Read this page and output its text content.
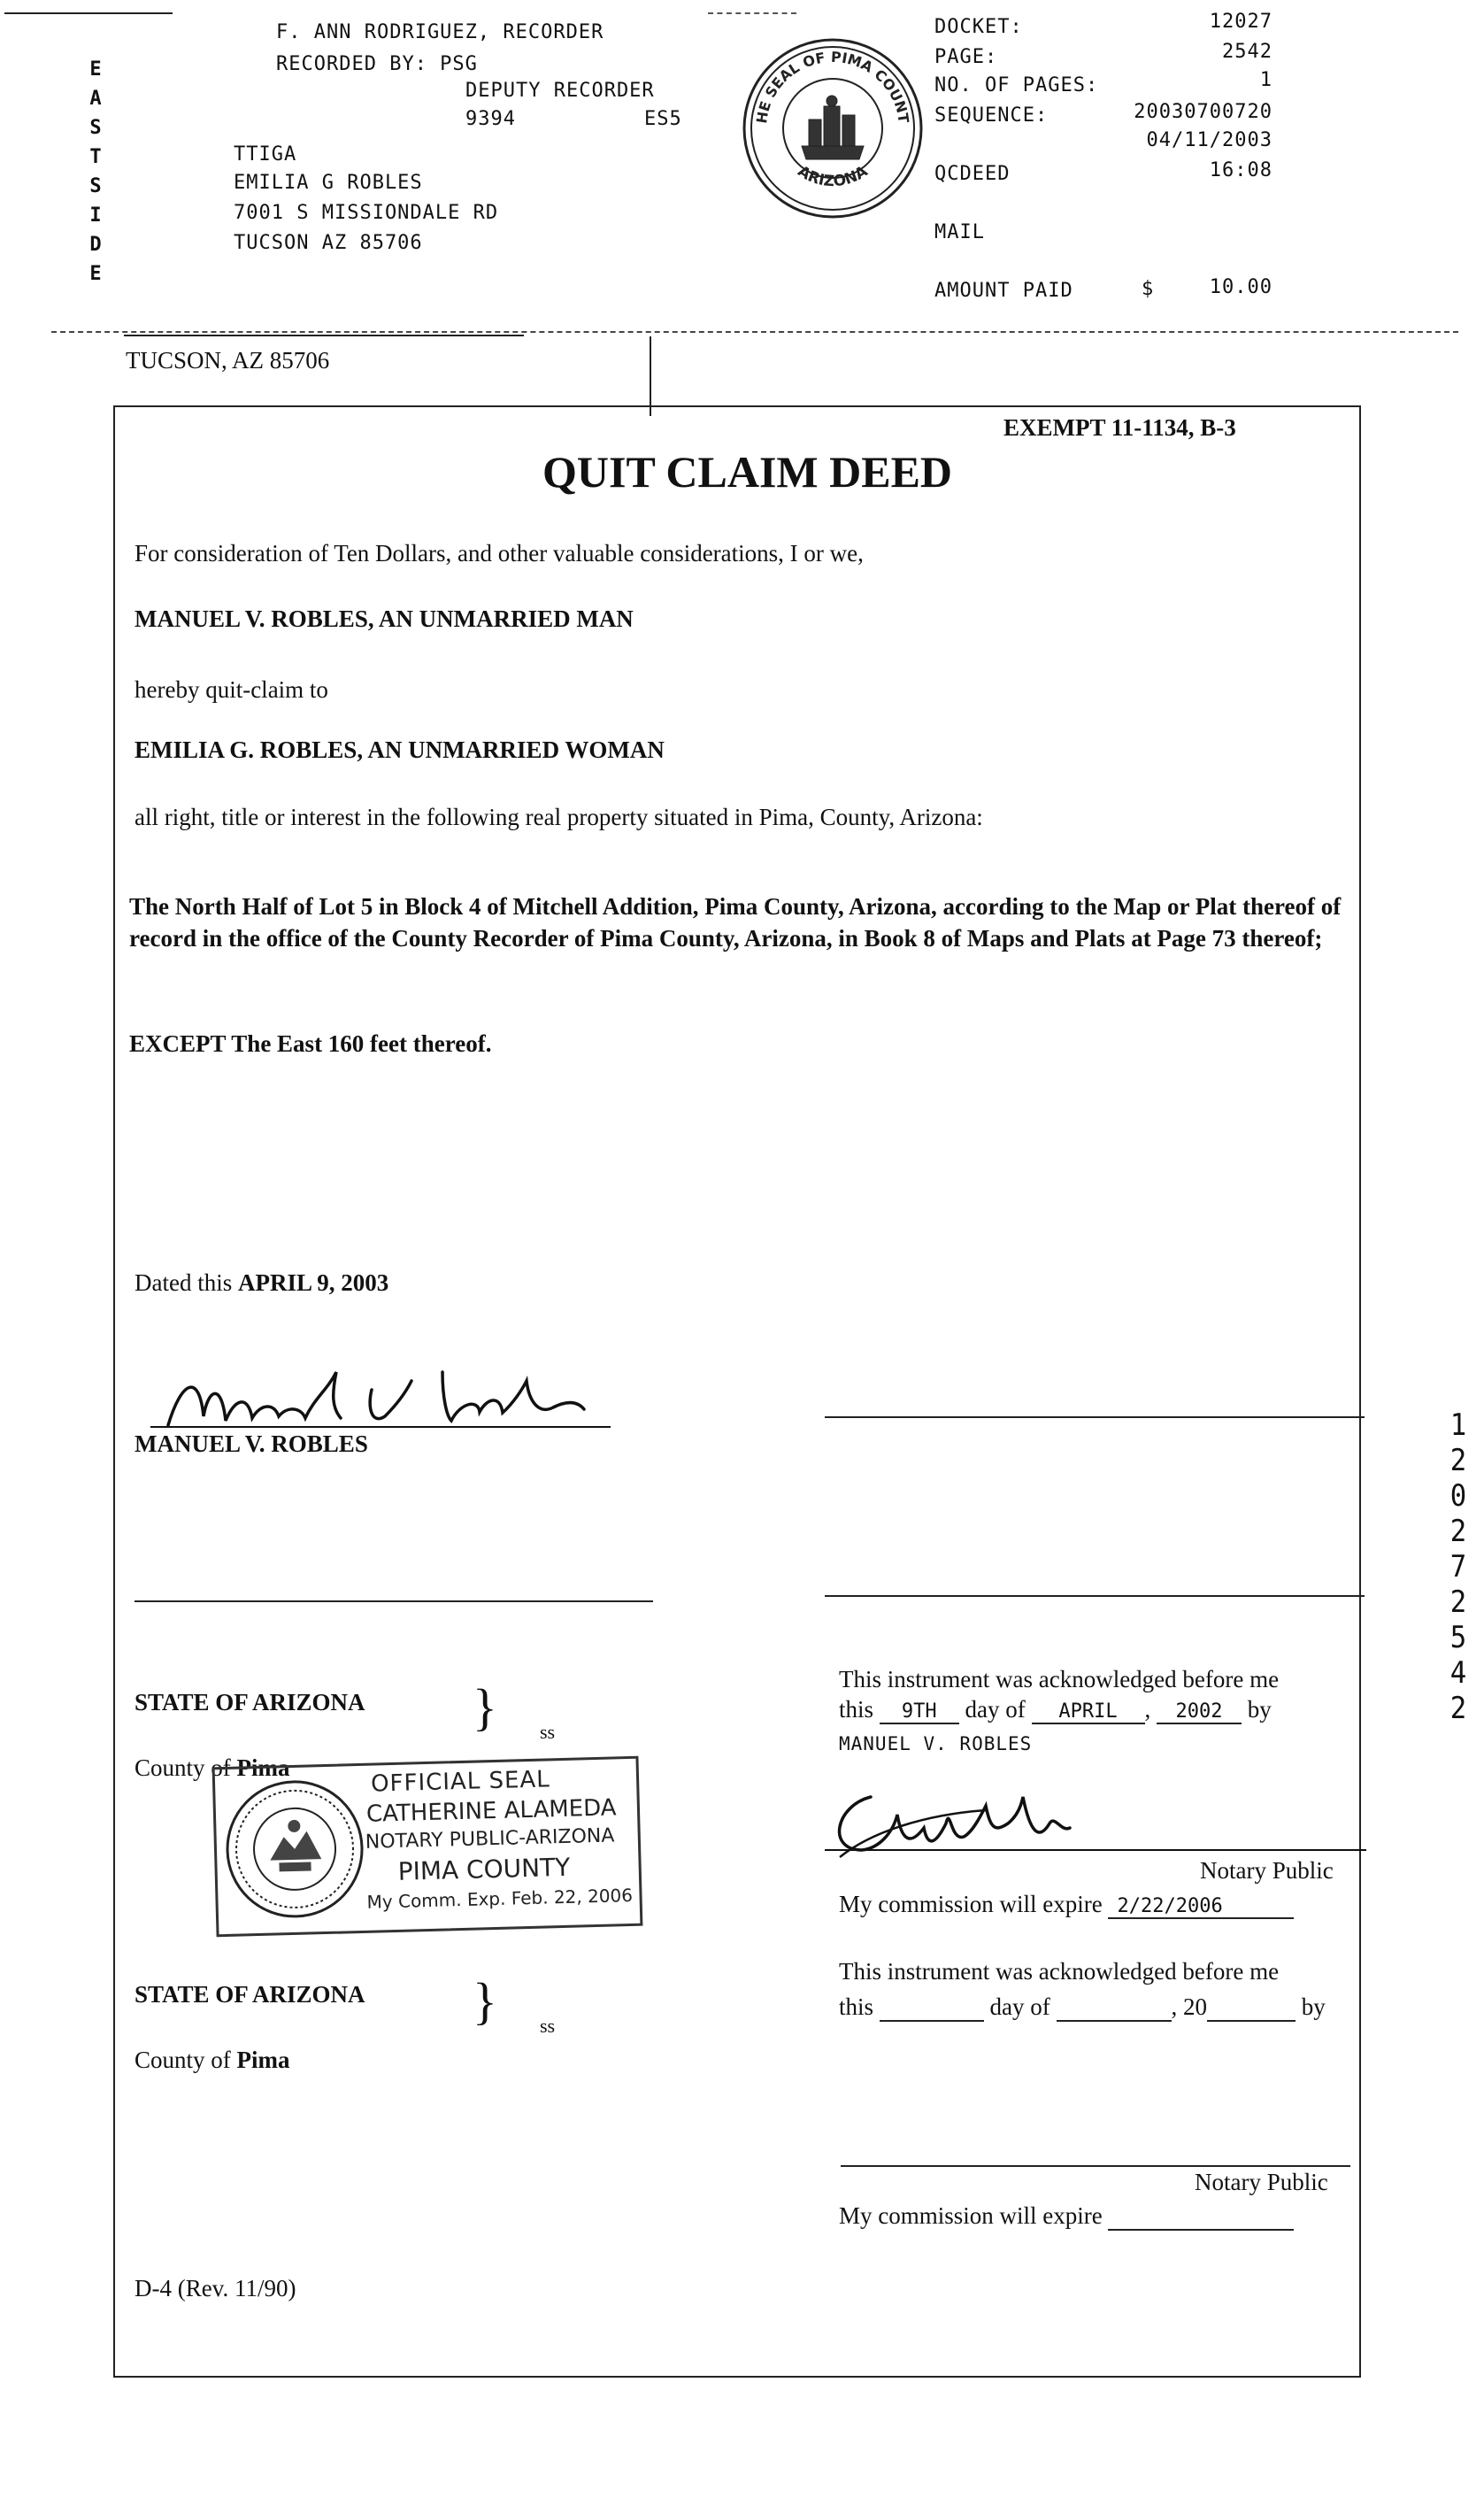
E
A
S
T
S
I
D
E
F. ANN RODRIGUEZ, RECORDER
RECORDED BY: PSG
DEPUTY RECORDER
9394	ES5
TTIGA
EMILIA G ROBLES
7001 S MISSIONDALE RD
TUCSON AZ 85706
HE SEAL OF PIMA COUNT
ARIZONA
DOCKET:	12027
PAGE:	2542
NO. OF PAGES:	1
SEQUENCE:	20030700720
04/11/2003
QCDEED	16:08
MAIL
AMOUNT PAID	$	10.00
TUCSON, AZ 85706
EXEMPT 11-1134, B-3
QUIT CLAIM DEED
For consideration of Ten Dollars, and other valuable considerations, I or we,
MANUEL V. ROBLES, AN UNMARRIED MAN
hereby quit-claim to
EMILIA G. ROBLES, AN UNMARRIED WOMAN
all right, title or interest in the following real property situated in Pima, County, Arizona:
The North Half of Lot 5 in Block 4 of Mitchell Addition, Pima County, Arizona, according to the Map or Plat thereof of record in the office of the County Recorder of Pima County, Arizona, in Book 8 of Maps and Plats at Page 73 thereof;
EXCEPT The East 160 feet thereof.
Dated this APRIL 9, 2003
MANUEL V. ROBLES
STATE OF ARIZONA } ss
County of Pima
This instrument was acknowledged before me
this 9TH day of APRIL , 2002 by
MANUEL V. ROBLES
Notary Public
My commission will expire 2/22/2006
OFFICIAL SEAL
CATHERINE ALAMEDA
NOTARY PUBLIC-ARIZONA
PIMA COUNTY
My Comm. Exp. Feb. 22, 2006
STATE OF ARIZONA } ss
County of Pima
This instrument was acknowledged before me
this	day of	, 20	by
Notary Public
My commission will expire
D-4 (Rev. 11/90)
1
2
0
2
7
2
5
4
2
